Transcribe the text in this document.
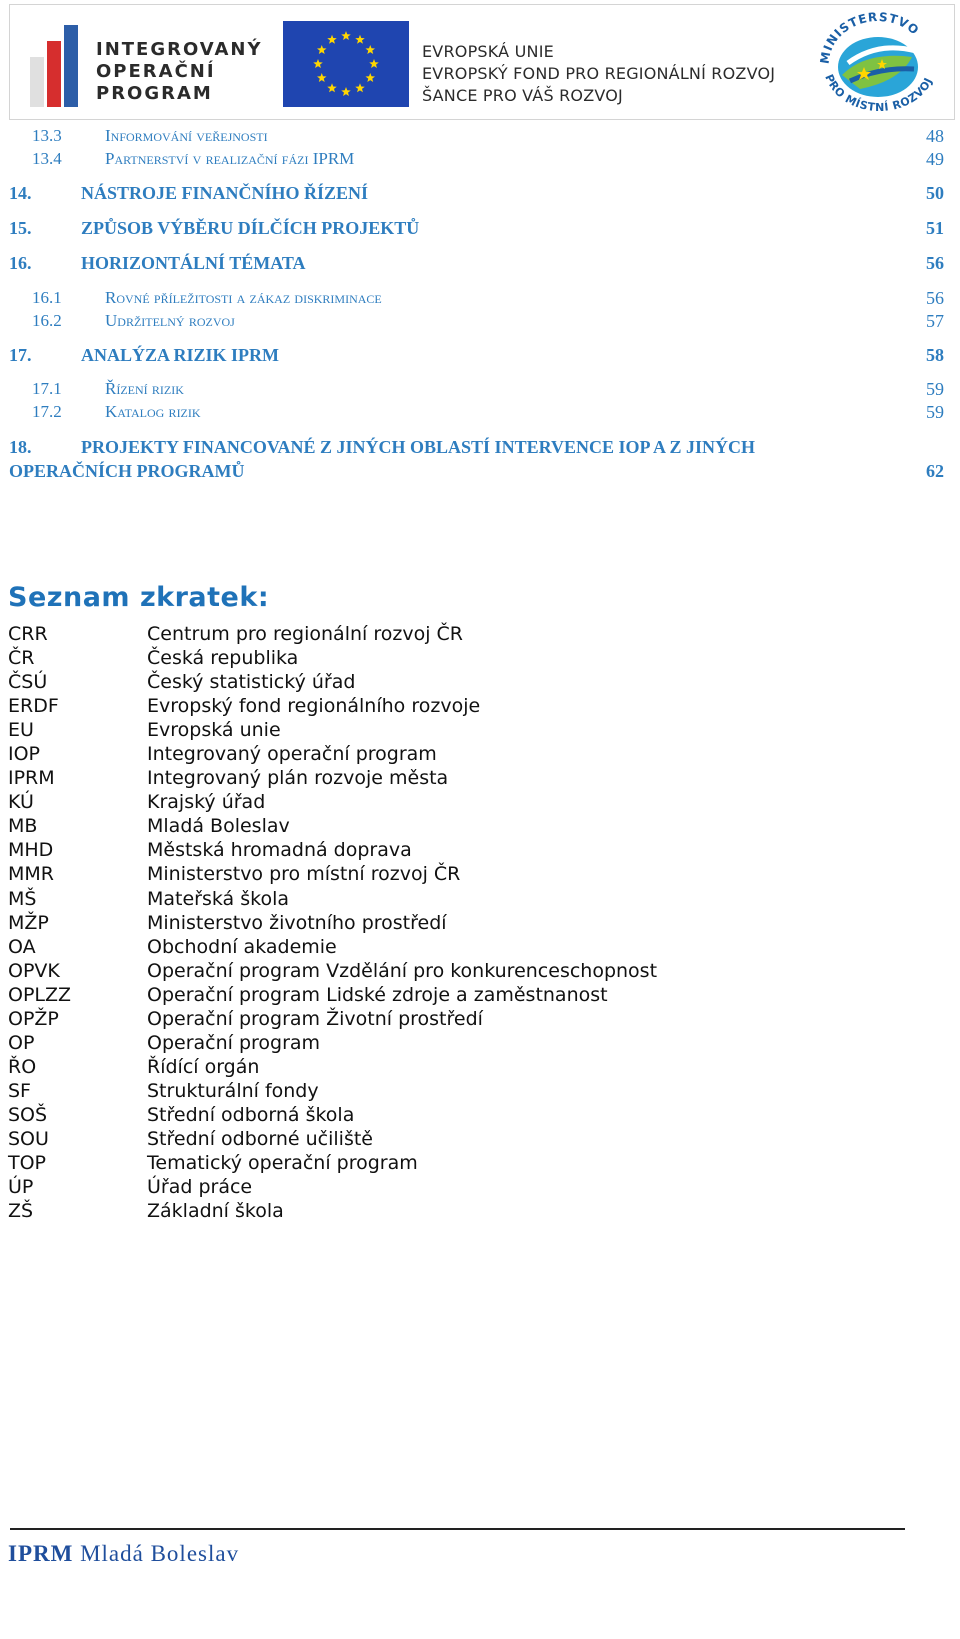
INTEGROVANÝ
OPERAČNÍ
PROGRAM
EVROPSKÁ UNIE
EVROPSKÝ FOND PRO REGIONÁLNÍ ROZVOJ
ŠANCE PRO VÁŠ ROZVOJ
MINISTERSTVO
PRO MÍSTNÍ ROZVOJ
13.3	Informování veřejnosti	48
13.4	Partnerství v realizační fázi IPRM	49
14.	NÁSTROJE FINANČNÍHO ŘÍZENÍ	50
15.	ZPŮSOB VÝBĚRU DÍLČÍCH PROJEKTŮ	51
16.	HORIZONTÁLNÍ TÉMATA	56
16.1	Rovné příležitosti a zákaz diskriminace	56
16.2	Udržitelný rozvoj	57
17.	ANALÝZA RIZIK IPRM	58
17.1	Řízení rizik	59
17.2	Katalog rizik	59
18.	PROJEKTY FINANCOVANÉ Z JINÝCH OBLASTÍ INTERVENCE IOP A Z JINÝCH
OPERAČNÍCH PROGRAMŮ	62
Seznam zkratek:
CRR	Centrum pro regionální rozvoj ČR
ČR	Česká republika
ČSÚ	Český statistický úřad
ERDF	Evropský fond regionálního rozvoje
EU	Evropská unie
IOP	Integrovaný operační program
IPRM	Integrovaný plán rozvoje města
KÚ	Krajský úřad
MB	Mladá Boleslav
MHD	Městská hromadná doprava
MMR	Ministerstvo pro místní rozvoj ČR
MŠ	Mateřská škola
MŽP	Ministerstvo životního prostředí
OA	Obchodní akademie
OPVK	Operační program Vzdělání pro konkurenceschopnost
OPLZZ	Operační program Lidské zdroje a zaměstnanost
OPŽP	Operační program Životní prostředí
OP	Operační program
ŘO	Řídící orgán
SF	Strukturální fondy
SOŠ	Střední odborná škola
SOU	Střední odborné učiliště
TOP	Tematický operační program
ÚP	Úřad práce
ZŠ	Základní škola
IPRM Mladá Boleslav
